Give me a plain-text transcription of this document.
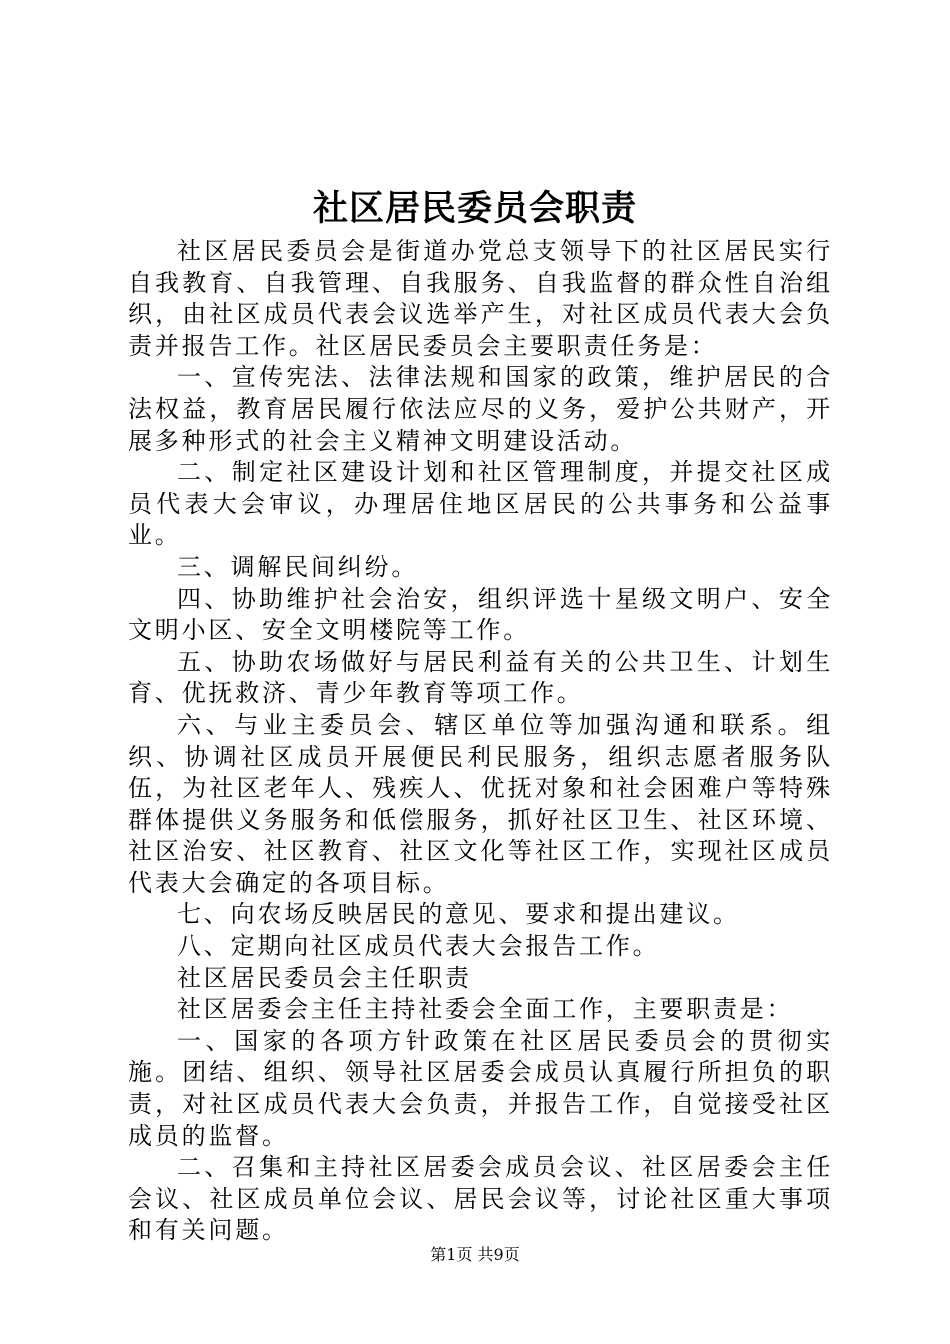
社区居民委员会职责

社区居民委员会是街道办党总支领导下的社区居民实行自我教育、自我管理、自我服务、自我监督的群众性自治组织，由社区成员代表会议选举产生，对社区成员代表大会负责并报告工作。社区居民委员会主要职责任务是：

一、宣传宪法、法律法规和国家的政策，维护居民的合法权益，教育居民履行依法应尽的义务，爱护公共财产，开展多种形式的社会主义精神文明建设活动。

二、制定社区建设计划和社区管理制度，并提交社区成员代表大会审议，办理居住地区居民的公共事务和公益事业。

三、调解民间纠纷。

四、协助维护社会治安，组织评选十星级文明户、安全文明小区、安全文明楼院等工作。

五、协助农场做好与居民利益有关的公共卫生、计划生育、优抚救济、青少年教育等项工作。

六、与业主委员会、辖区单位等加强沟通和联系。组织、协调社区成员开展便民利民服务，组织志愿者服务队伍，为社区老年人、残疾人、优抚对象和社会困难户等特殊群体提供义务服务和低偿服务，抓好社区卫生、社区环境、社区治安、社区教育、社区文化等社区工作，实现社区成员代表大会确定的各项目标。

七、向农场反映居民的意见、要求和提出建议。

八、定期向社区成员代表大会报告工作。

社区居民委员会主任职责

社区居委会主任主持社委会全面工作，主要职责是：

一、国家的各项方针政策在社区居民委员会的贯彻实施。团结、组织、领导社区居委会成员认真履行所担负的职责，对社区成员代表大会负责，并报告工作，自觉接受社区成员的监督。

二、召集和主持社区居委会成员会议、社区居委会主任会议、社区成员单位会议、居民会议等，讨论社区重大事项和有关问题。

第1页 共9页
